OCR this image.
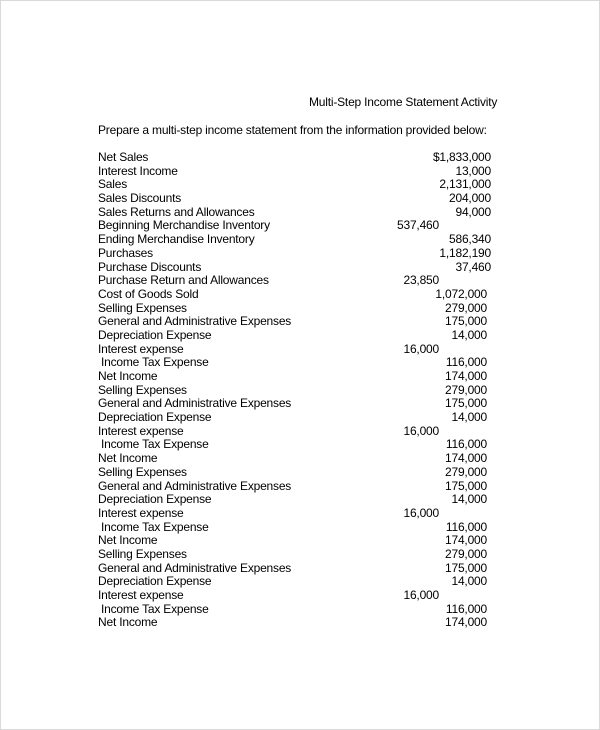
Multi-Step Income Statement Activity
Prepare a multi-step income statement from the information provided below:
Net Sales	$1,833,000
Interest Income	13,000
Sales	2,131,000
Sales Discounts	204,000
Sales Returns and Allowances	94,000
Beginning Merchandise Inventory	537,460
Ending Merchandise Inventory	586,340
Purchases	1,182,190
Purchase Discounts	37,460
Purchase Return and Allowances	23,850
Cost of Goods Sold	1,072,000
Selling Expenses	279,000
General and Administrative Expenses	175,000
Depreciation Expense	14,000
Interest expense	16,000
Income Tax Expense	116,000
Net Income	174,000
Selling Expenses	279,000
General and Administrative Expenses	175,000
Depreciation Expense	14,000
Interest expense	16,000
Income Tax Expense	116,000
Net Income	174,000
Selling Expenses	279,000
General and Administrative Expenses	175,000
Depreciation Expense	14,000
Interest expense	16,000
Income Tax Expense	116,000
Net Income	174,000
Selling Expenses	279,000
General and Administrative Expenses	175,000
Depreciation Expense	14,000
Interest expense	16,000
Income Tax Expense	116,000
Net Income	174,000
